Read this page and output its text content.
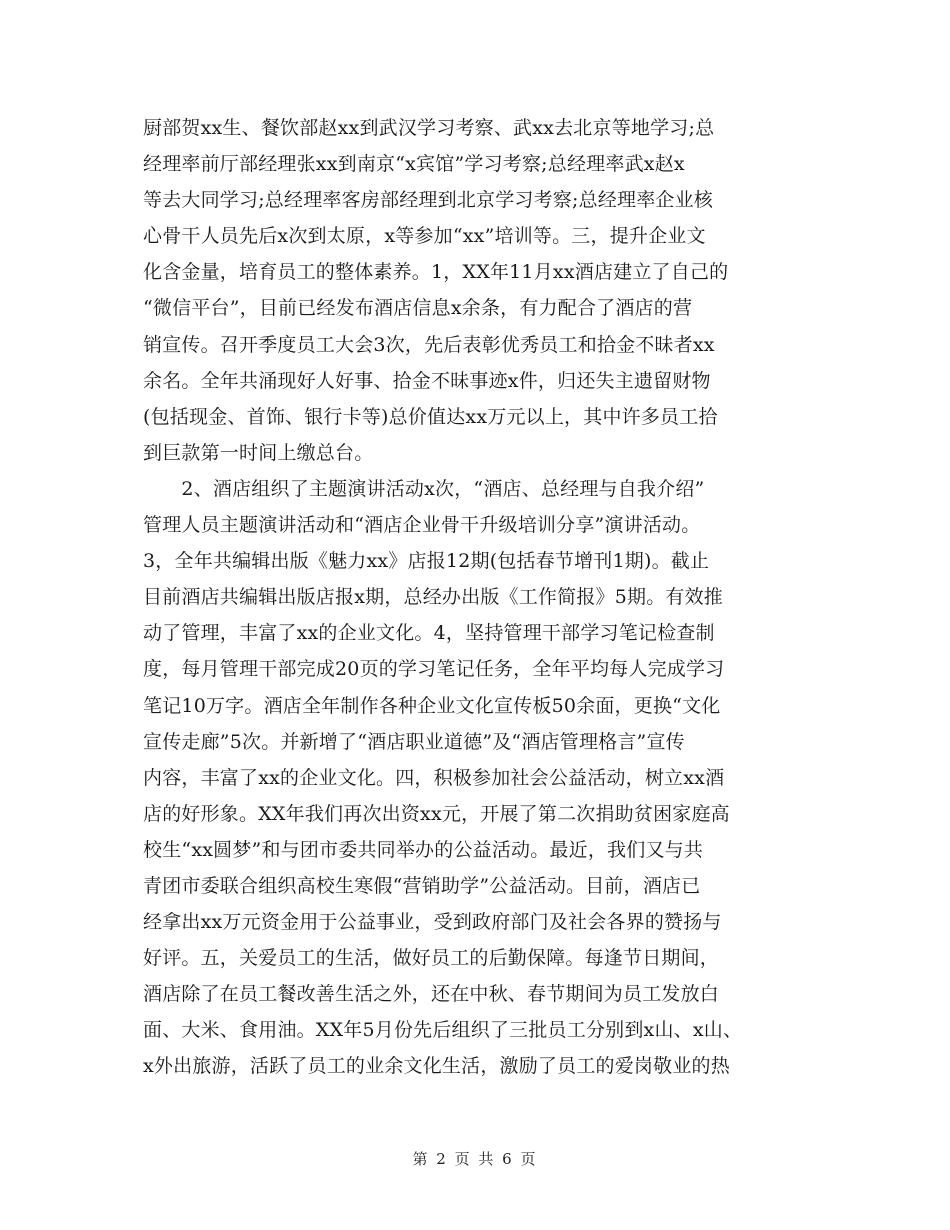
厨部贺xx生、餐饮部赵xx到武汉学习考察、武xx去北京等地学习;总
经理率前厅部经理张xx到南京“x宾馆”学习考察;总经理率武x赵x
等去大同学习;总经理率客房部经理到北京学习考察;总经理率企业核
心骨干人员先后x次到太原，x等参加“xx”培训等。三，提升企业文
化含金量，培育员工的整体素养。1，XX年11月xx酒店建立了自己的
“微信平台”，目前已经发布酒店信息x余条，有力配合了酒店的营
销宣传。召开季度员工大会3次，先后表彰优秀员工和拾金不昧者xx
余名。全年共涌现好人好事、拾金不昧事迹x件，归还失主遗留财物
(包括现金、首饰、银行卡等)总价值达xx万元以上，其中许多员工拾
到巨款第一时间上缴总台。
　　2、酒店组织了主题演讲活动x次，“酒店、总经理与自我介绍”
管理人员主题演讲活动和“酒店企业骨干升级培训分享”演讲活动。
3，全年共编辑出版《魅力xx》店报12期(包括春节增刊1期)。截止
目前酒店共编辑出版店报x期，总经办出版《工作简报》5期。有效推
动了管理，丰富了xx的企业文化。4，坚持管理干部学习笔记检查制
度，每月管理干部完成20页的学习笔记任务，全年平均每人完成学习
笔记10万字。酒店全年制作各种企业文化宣传板50余面，更换“文化
宣传走廊”5次。并新增了“酒店职业道德”及“酒店管理格言”宣传
内容，丰富了xx的企业文化。四，积极参加社会公益活动，树立xx酒
店的好形象。XX年我们再次出资xx元，开展了第二次捐助贫困家庭高
校生“xx圆梦”和与团市委共同举办的公益活动。最近，我们又与共
青团市委联合组织高校生寒假“营销助学”公益活动。目前，酒店已
经拿出xx万元资金用于公益事业，受到政府部门及社会各界的赞扬与
好评。五，关爱员工的生活，做好员工的后勤保障。每逢节日期间，
酒店除了在员工餐改善生活之外，还在中秋、春节期间为员工发放白
面、大米、食用油。XX年5月份先后组织了三批员工分别到x山、x山、
x外出旅游，活跃了员工的业余文化生活，激励了员工的爱岗敬业的热
第 2 页 共 6 页
